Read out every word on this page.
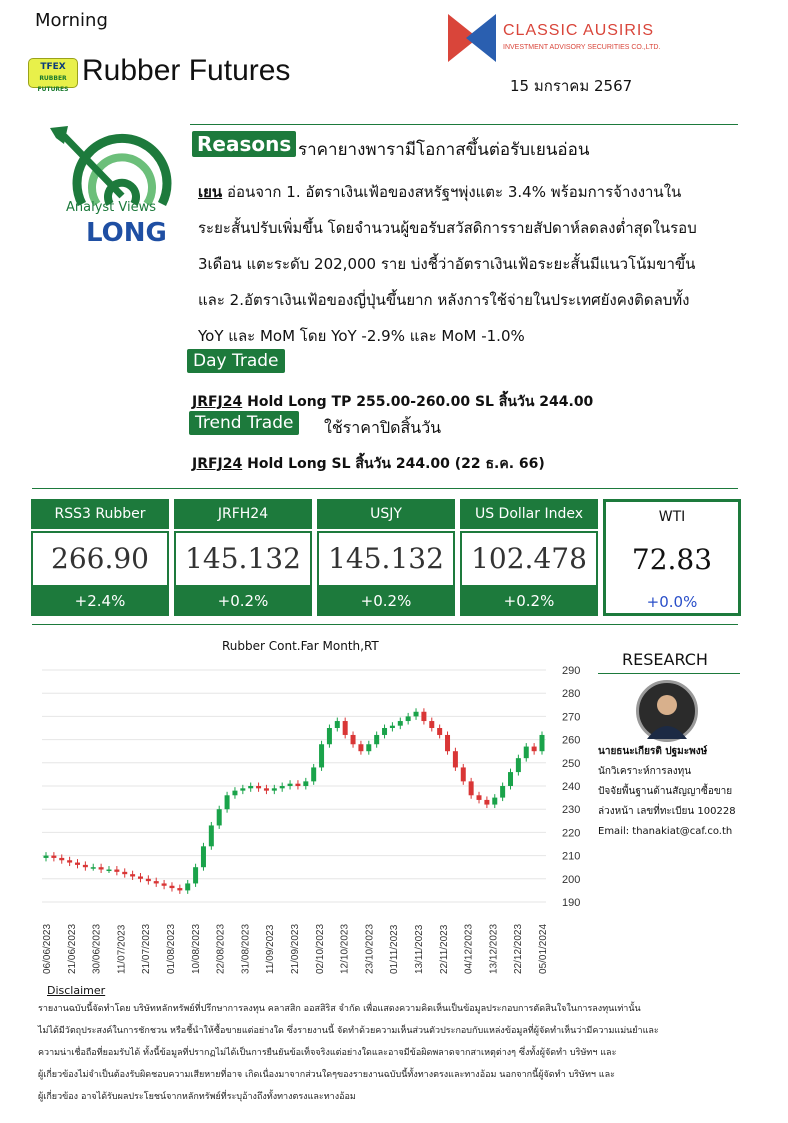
Morning
TFEX
RUBBER FUTURES
Rubber Futures
CLASSIC AUSIRIS
INVESTMENT ADVISORY SECURITIES CO.,LTD.
15 มกราคม 2567
Analyst Views
LONG
Reasons ราคายางพารามีโอกาสขึ้นต่อรับเยนอ่อน
เยน อ่อนจาก 1. อัตราเงินเฟ้อของสหรัฐฯพุ่งแตะ 3.4% พร้อมการจ้างงานใน
ระยะสั้นปรับเพิ่มขึ้น โดยจำนวนผู้ขอรับสวัสดิการรายสัปดาห์ลดลงต่ำสุดในรอบ
3เดือน แตะระดับ 202,000 ราย บ่งชี้ว่าอัตราเงินเฟ้อระยะสั้นมีแนวโน้มขาขึ้น
และ 2.อัตราเงินเฟ้อของญี่ปุ่นขึ้นยาก หลังการใช้จ่ายในประเทศยังคงติดลบทั้ง
YoY และ MoM โดย YoY -2.9% และ MoM -1.0%
Day Trade
JRFJ24 Hold Long TP 255.00-260.00 SL สิ้นวัน 244.00
Trend Trade	ใช้ราคาปิดสิ้นวัน
JRFJ24 Hold Long SL สิ้นวัน 244.00 (22 ธ.ค. 66)
RSS3 Rubber
266.90
+2.4%
JRFH24
145.132
+0.2%
USJY
145.132
+0.2%
US Dollar Index
102.478
+0.2%
WTI
72.83
+0.0%
Rubber Cont.Far Month,RT
190
200
210
220
230
240
250
260
270
280
290
06/06/2023 21/06/2023 30/06/2023 11/07/2023 21/07/2023 01/08/2023 10/08/2023 22/08/2023 31/08/2023 11/09/2023 21/09/2023 02/10/2023 12/10/2023 23/10/2023 01/11/2023 13/11/2023 22/11/2023 04/12/2023 13/12/2023 22/12/2023 05/01/2024
RESEARCH
นายธนะเกียรติ ปฐมะพงษ์
นักวิเคราะห์การลงทุน
ปัจจัยพื้นฐานด้านสัญญาซื้อขาย
ล่วงหน้า เลขที่ทะเบียน 100228
Email: thanakiat@caf.co.th
Disclaimer
รายงานฉบับนี้จัดทำโดย บริษัทหลักทรัพย์ที่ปรึกษาการลงทุน คลาสสิก ออสสิริส จำกัด เพื่อแสดงความคิดเห็นเป็นข้อมูลประกอบการตัดสินใจในการลงทุนเท่านั้น
ไม่ได้มีวัตถุประสงค์ในการชักชวน หรือชี้นำให้ซื้อขายแต่อย่างใด ซึ่งรายงานนี้ จัดทำด้วยความเห็นส่วนตัวประกอบกับแหล่งข้อมูลที่ผู้จัดทำเห็นว่ามีความแม่นยำและ
ความน่าเชื่อถือที่ยอมรับได้ ทั้งนี้ข้อมูลที่ปรากฏไม่ได้เป็นการยืนยันข้อเท็จจริงแต่อย่างใดและอาจมีข้อผิดพลาดจากสาเหตุต่างๆ ซึ่งทั้งผู้จัดทำ บริษัทฯ และ
ผู้เกี่ยวข้องไม่จำเป็นต้องรับผิดชอบความเสียหายที่อาจ เกิดเนื่องมาจากส่วนใดๆของรายงานฉบับนี้ทั้งทางตรงและทางอ้อม นอกจากนี้ผู้จัดทำ บริษัทฯ และ
ผู้เกี่ยวข้อง อาจได้รับผลประโยชน์จากหลักทรัพย์ที่ระบุอ้างถึงทั้งทางตรงและทางอ้อม
